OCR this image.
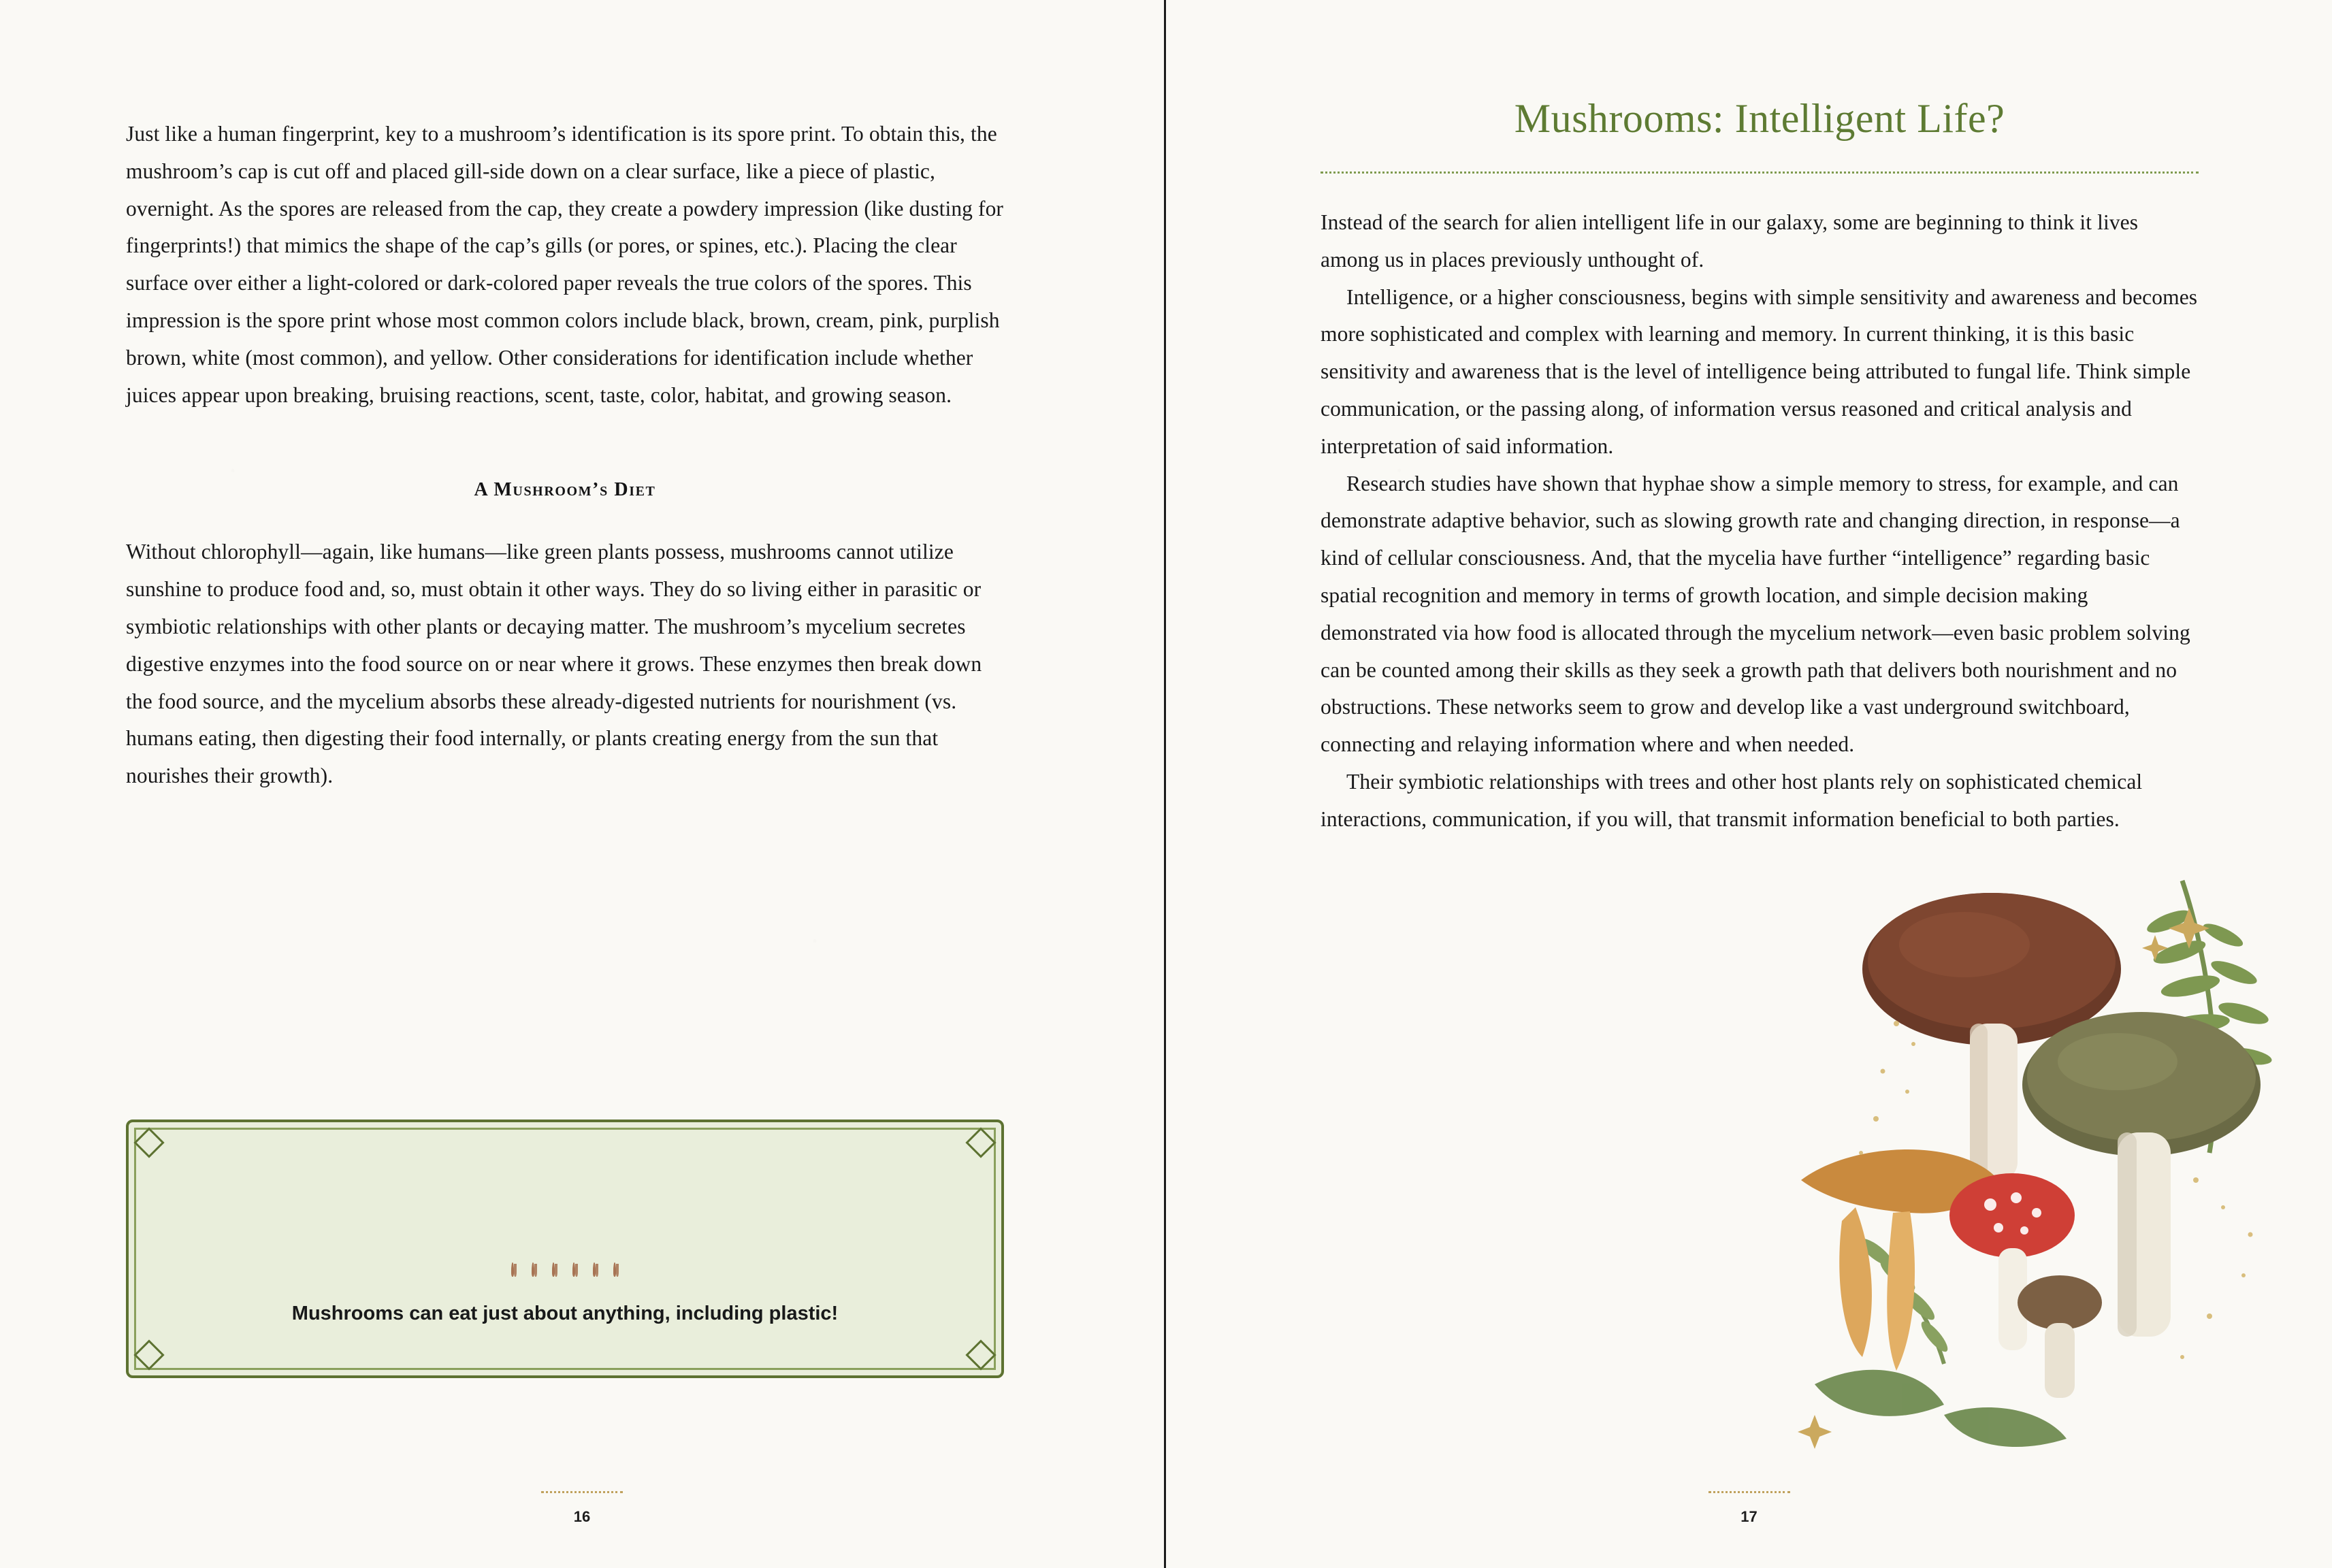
Just like a human fingerprint, key to a mushroom’s identification is its spore print. To obtain this, the mushroom’s cap is cut off and placed gill-side down on a clear surface, like a piece of plastic, overnight. As the spores are released from the cap, they create a powdery impression (like dusting for fingerprints!) that mimics the shape of the cap’s gills (or pores, or spines, etc.). Placing the clear surface over either a light-colored or dark-colored paper reveals the true colors of the spores. This impression is the spore print whose most common colors include black, brown, cream, pink, purplish brown, white (most common), and yellow. Other considerations for identification include whether juices appear upon breaking, bruising reactions, scent, taste, color, habitat, and growing season.

A Mushroom’s Diet

Without chlorophyll—again, like humans—like green plants possess, mushrooms cannot utilize sunshine to produce food and, so, must obtain it other ways. They do so living either in parasitic or symbiotic relationships with other plants or decaying matter. The mushroom’s mycelium secretes digestive enzymes into the food source on or near where it grows. These enzymes then break down the food source, and the mycelium absorbs these already-digested nutrients for nourishment (vs. humans eating, then digesting their food internally, or plants creating energy from the sun that nourishes their growth).

Mushrooms can eat just about anything, including plastic!
16
Mushrooms: Intelligent Life?

Instead of the search for alien intelligent life in our galaxy, some are beginning to think it lives among us in places previously unthought of.

Intelligence, or a higher consciousness, begins with simple sensitivity and awareness and becomes more sophisticated and complex with learning and memory. In current thinking, it is this basic sensitivity and awareness that is the level of intelligence being attributed to fungal life. Think simple communication, or the passing along, of information versus reasoned and critical analysis and interpretation of said information.

Research studies have shown that hyphae show a simple memory to stress, for example, and can demonstrate adaptive behavior, such as slowing growth rate and changing direction, in response—a kind of cellular consciousness. And, that the mycelia have further “intelligence” regarding basic spatial recognition and memory in terms of growth location, and simple decision making demonstrated via how food is allocated through the mycelium network—even basic problem solving can be counted among their skills as they seek a growth path that delivers both nourishment and no obstructions. These networks seem to grow and develop like a vast underground switchboard, connecting and relaying information where and when needed.

Their symbiotic relationships with trees and other host plants rely on sophisticated chemical interactions, communication, if you will, that transmit information beneficial to both parties.

17
